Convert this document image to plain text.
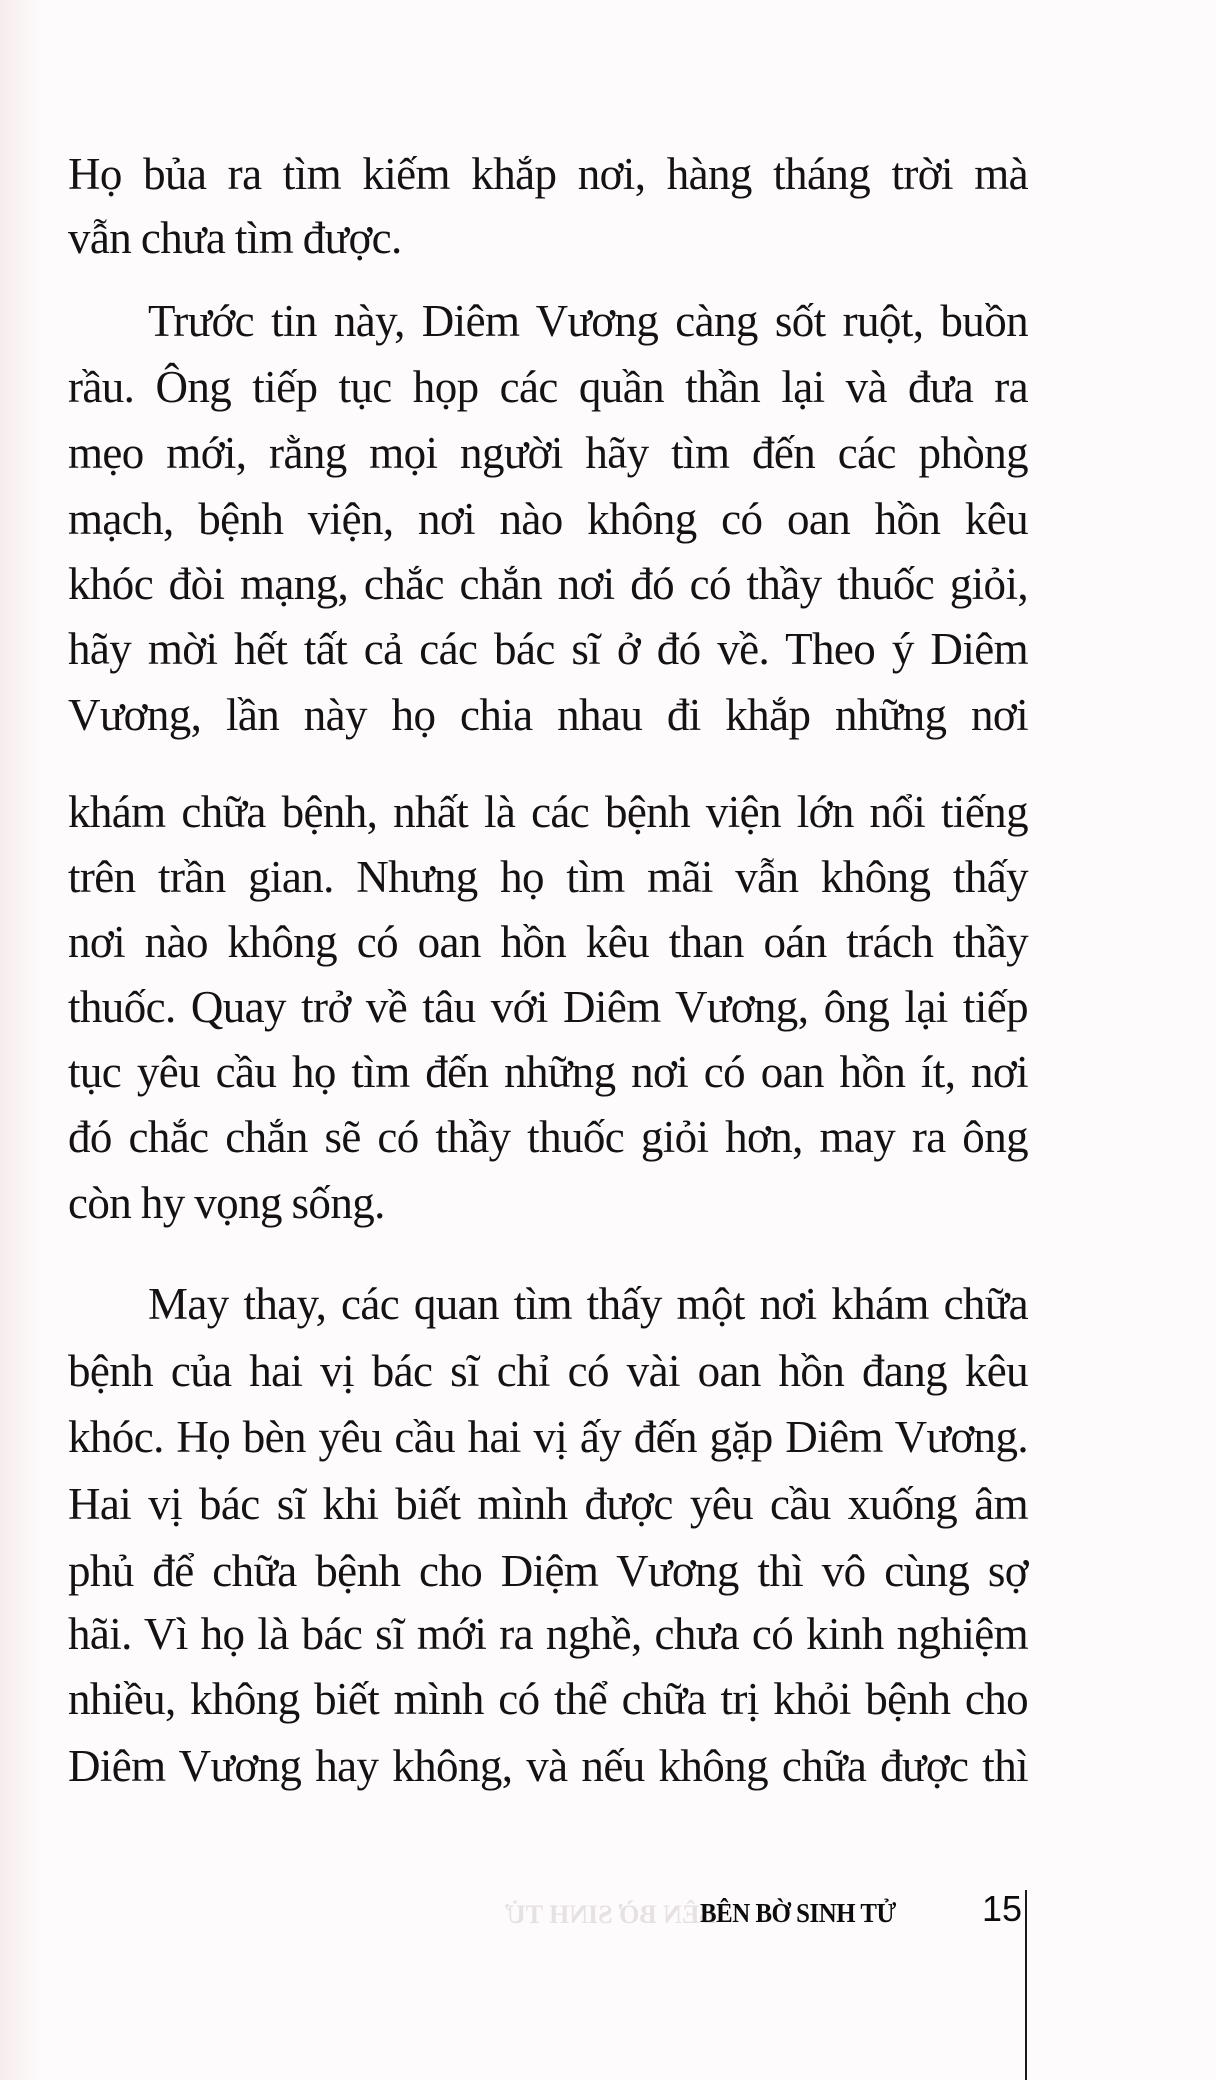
Họ bủa ra tìm kiếm khắp nơi, hàng tháng trời mà
vẫn chưa tìm được.
Trước tin này, Diêm Vương càng sốt ruột, buồn
rầu. Ông tiếp tục họp các quần thần lại và đưa ra
mẹo mới, rằng mọi người hãy tìm đến các phòng
mạch, bệnh viện, nơi nào không có oan hồn kêu
khóc đòi mạng, chắc chắn nơi đó có thầy thuốc giỏi,
hãy mời hết tất cả các bác sĩ ở đó về. Theo ý Diêm
Vương, lần này họ chia nhau đi khắp những nơi
khám chữa bệnh, nhất là các bệnh viện lớn nổi tiếng
trên trần gian. Nhưng họ tìm mãi vẫn không thấy
nơi nào không có oan hồn kêu than oán trách thầy
thuốc. Quay trở về tâu với Diêm Vương, ông lại tiếp
tục yêu cầu họ tìm đến những nơi có oan hồn ít, nơi
đó chắc chắn sẽ có thầy thuốc giỏi hơn, may ra ông
còn hy vọng sống.
May thay, các quan tìm thấy một nơi khám chữa
bệnh của hai vị bác sĩ chỉ có vài oan hồn đang kêu
khóc. Họ bèn yêu cầu hai vị ấy đến gặp Diêm Vương.
Hai vị bác sĩ khi biết mình được yêu cầu xuống âm
phủ để chữa bệnh cho Diệm Vương thì vô cùng sợ
hãi. Vì họ là bác sĩ mới ra nghề, chưa có kinh nghiệm
nhiều, không biết mình có thể chữa trị khỏi bệnh cho
Diêm Vương hay không, và nếu không chữa được thì
BÊN BỜ SINH TỬ
BÊN BỜ SINH TỬ 15
